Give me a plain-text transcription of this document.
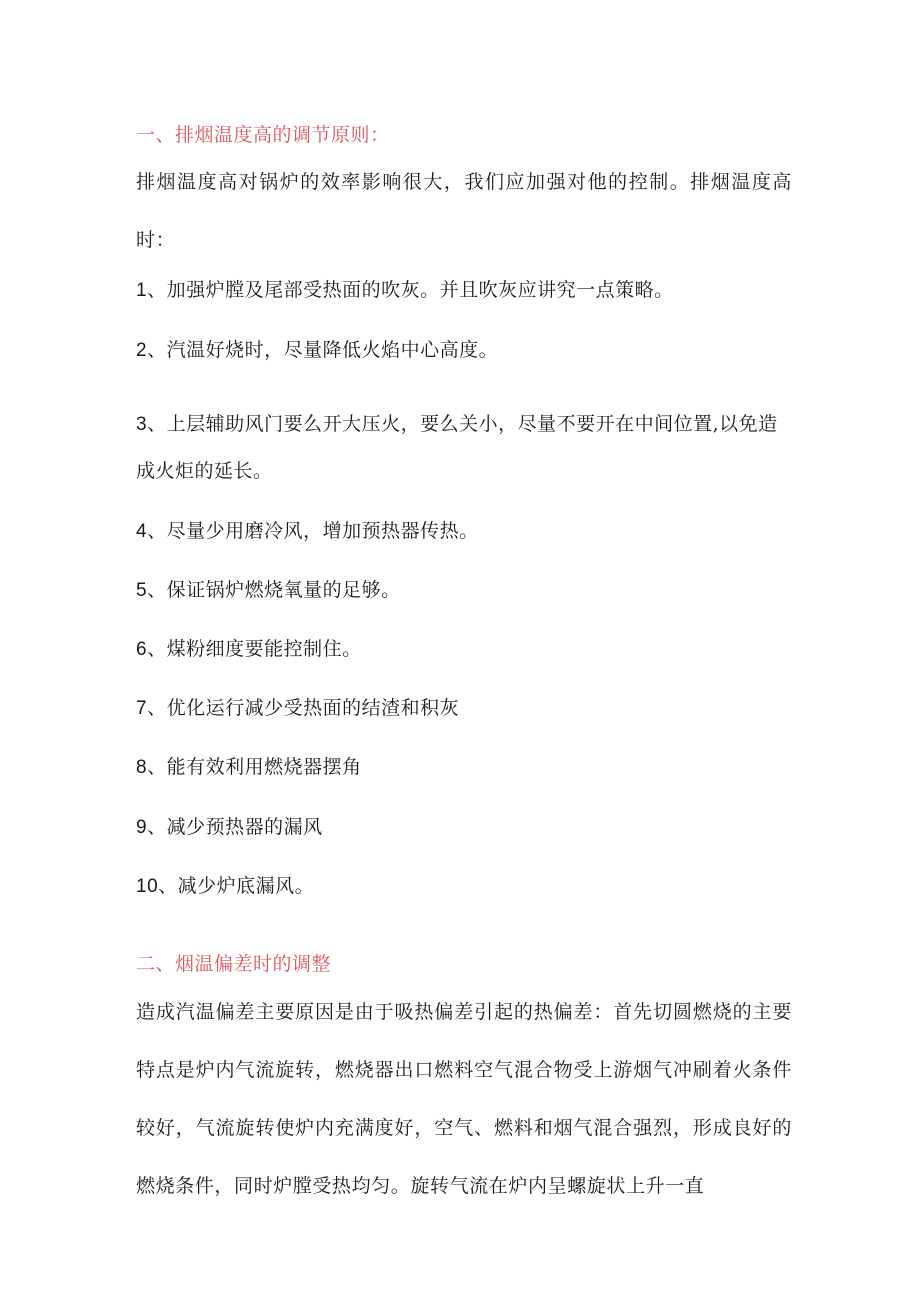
一、排烟温度高的调节原则：
排烟温度高对锅炉的效率影响很大，我们应加强对他的控制。排烟温度高时：
1、加强炉膛及尾部受热面的吹灰。并且吹灰应讲究一点策略。
2、汽温好烧时，尽量降低火焰中心高度。
3、上层辅助风门要么开大压火，要么关小，尽量不要开在中间位置,以免造成火炬的延长。
4、尽量少用磨冷风，增加预热器传热。
5、保证锅炉燃烧氧量的足够。
6、煤粉细度要能控制住。
7、优化运行减少受热面的结渣和积灰
8、能有效利用燃烧器摆角
9、减少预热器的漏风
10、减少炉底漏风。
二、烟温偏差时的调整
造成汽温偏差主要原因是由于吸热偏差引起的热偏差：首先切圆燃烧的主要特点是炉内气流旋转，燃烧器出口燃料空气混合物受上游烟气冲刷着火条件较好，气流旋转使炉内充满度好，空气、燃料和烟气混合强烈，形成良好的燃烧条件，同时炉膛受热均匀。旋转气流在炉内呈螺旋状上升一直
